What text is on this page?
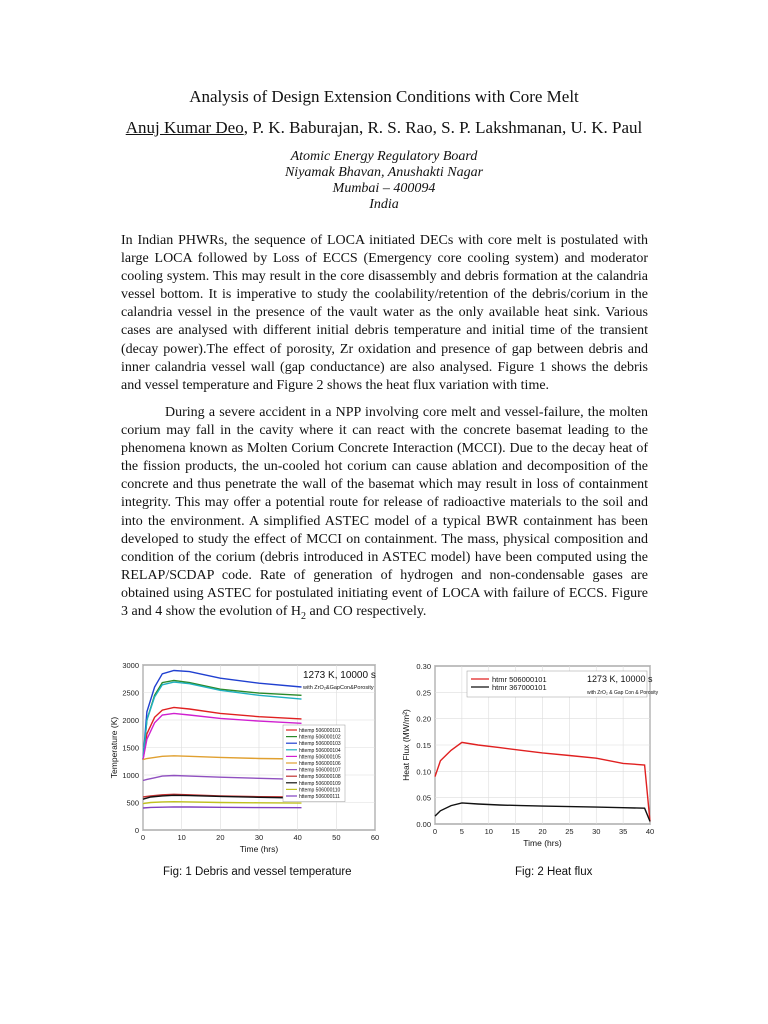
Analysis of Design Extension Conditions with Core Melt
Anuj Kumar Deo, P. K. Baburajan, R. S. Rao, S. P. Lakshmanan, U. K. Paul
Atomic Energy Regulatory Board
Niyamak Bhavan, Anushakti Nagar
Mumbai – 400094
India

In Indian PHWRs, the sequence of LOCA initiated DECs with core melt is postulated with large LOCA followed by Loss of ECCS (Emergency core cooling system) and moderator cooling system. This may result in the core disassembly and debris formation at the calandria vessel bottom. It is imperative to study the coolability/retention of the debris/corium in the calandria vessel in the presence of the vault water as the only available heat sink. Various cases are analysed with different initial debris temperature and initial time of the transient (decay power).The effect of porosity, Zr oxidation and presence of gap between debris and inner calandria vessel wall (gap conductance) are also analysed. Figure 1 shows the debris and vessel temperature and Figure 2 shows the heat flux variation with time.

During a severe accident in a NPP involving core melt and vessel-failure, the molten corium may fall in the cavity where it can react with the concrete basemat leading to the phenomena known as Molten Corium Concrete Interaction (MCCI). Due to the decay heat of the fission products, the un-cooled hot corium can cause ablation and decomposition of the concrete and thus penetrate the wall of the basemat which may result in loss of containment integrity. This may offer a potential route for release of radioactive materials to the soil and into the environment. A simplified ASTEC model of a typical BWR containment has been developed to study the effect of MCCI on containment. The mass, physical composition and condition of the corium (debris introduced in ASTEC model) have been computed using the RELAP/SCDAP code. Rate of generation of hydrogen and non-condensable gases are obtained using ASTEC for postulated initiating event of LOCA with failure of ECCS. Figure 3 and 4 show the evolution of $H_2$ and CO respectively.

0	10	20	30	40	50	60
0
500
1000
1500
2000
2500
3000
Time (hrs)
Temperature (K)
1273 K, 10000 s
with ZrO₂&GapCon&Porosity
httemp 506000101
httemp 506000102
httemp 506000103
httemp 506000104
httemp 506000105
httemp 506000106
httemp 506000107
httemp 506000108
httemp 506000109
httemp 506000110
httemp 506000111
0	5	10 15 20 25 30 35 40
0.00
0.05
0.10
0.15
0.20
0.25
0.30
Time (hrs)
Heat Flux (MW/m²)
htmr 506000101
htmr 367000101
1273 K, 10000 s
with ZrO₂ & Gap Con & Porosity
Fig: 1 Debris and vessel temperature	Fig: 2 Heat flux
